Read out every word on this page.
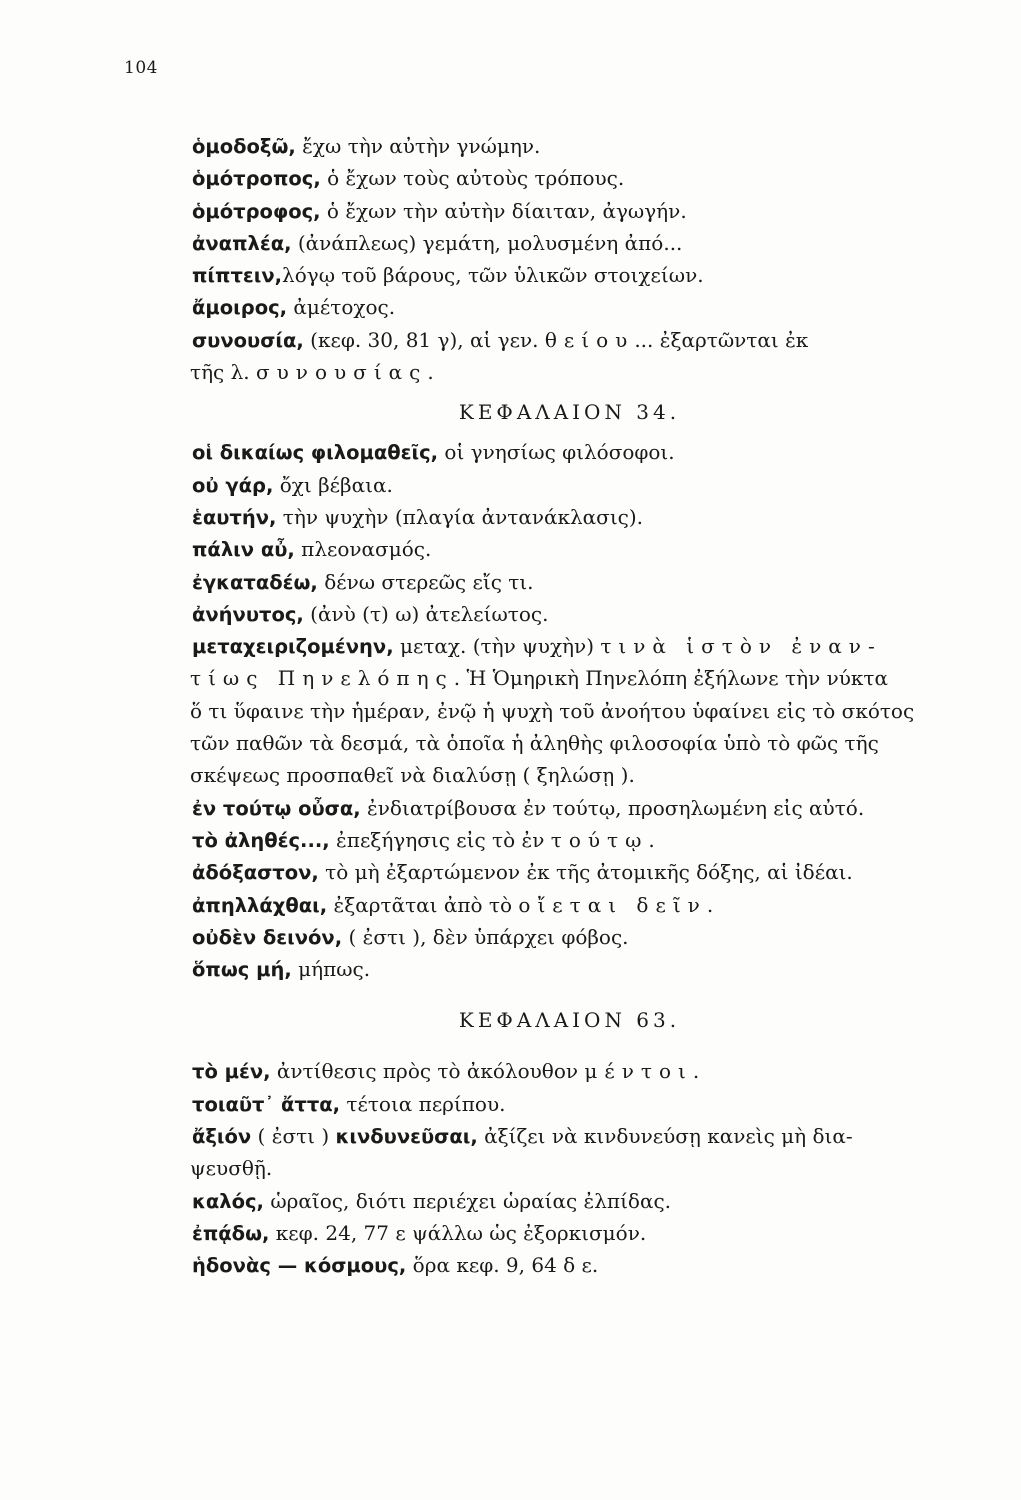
104
ὁμοδοξῶ, ἔχω τὴν αὐτὴν γνώμην.
ὁμότροπος, ὁ ἔχων τοὺς αὐτοὺς τρόπους.
ὁμότροφος, ὁ ἔχων τὴν αὐτὴν δίαιταν, ἀγωγήν.
ἀναπλέα, (ἀνάπλεως) γεμάτη, μολυσμένη ἀπό...
πίπτειν,λόγῳ τοῦ βάρους, τῶν ὑλικῶν στοιχείων.
ἄμοιρος, ἀμέτοχος.
συνουσία, (κεφ. 30, 81 γ), αἱ γεν. θείου... ἐξαρτῶνται ἐκ
τῆς λ. συνουσίας.
ΚΕΦΑΛΑΙΟΝ 34.
οἱ δικαίως φιλομαθεῖς, οἱ γνησίως φιλόσοφοι.
οὐ γάρ, ὄχι βέβαια.
ἑαυτήν, τὴν ψυχὴν (πλαγία ἀντανάκλασις).
πάλιν αὖ, πλεονασμός.
ἐγκαταδέω, δένω στερεῶς εἴς τι.
ἀνήνυτος, (ἀνὺ (τ) ω) ἀτελείωτος.
μεταχειριζομένην, μεταχ. (τὴν ψυχὴν) τινὰ ἱστὸν ἐναν-
τίως Πηνελόπης. Ἡ Ὁμηρικὴ Πηνελόπη ἐξήλωνε τὴν νύκτα
ὅ τι ὕφαινε τὴν ἡμέραν, ἐνῷ ἡ ψυχὴ τοῦ ἀνοήτου ὑφαίνει εἰς τὸ σκότος
τῶν παθῶν τὰ δεσμά, τὰ ὁποῖα ἡ ἀληθὴς φιλοσοφία ὑπὸ τὸ φῶς τῆς
σκέψεως προσπαθεῖ νὰ διαλύσῃ ( ξηλώσῃ ).
ἐν τούτῳ οὖσα, ἐνδιατρίβουσα ἐν τούτῳ, προσηλωμένη εἰς αὐτό.
τὸ ἀληθές..., ἐπεξήγησις εἰς τὸ ἐν τούτῳ.
ἀδόξαστον, τὸ μὴ ἐξαρτώμενον ἐκ τῆς ἀτομικῆς δόξης, αἱ ἰδέαι.
ἀπηλλάχθαι, ἐξαρτᾶται ἀπὸ τὸ οἴεται δεῖν.
οὐδὲν δεινόν, ( ἐστι ), δὲν ὑπάρχει φόβος.
ὅπως μή, μήπως.
ΚΕΦΑΛΑΙΟΝ 63.
τὸ μέν, ἀντίθεσις πρὸς τὸ ἀκόλουθον μέντοι.
τοιαῦτ᾿ ἄττα, τέτοια περίπου.
ἄξιόν ( ἐστι ) κινδυνεῦσαι, ἀξίζει νὰ κινδυνεύσῃ κανεὶς μὴ δια-
ψευσθῇ.
καλός, ὡραῖος, διότι περιέχει ὡραίας ἐλπίδας.
ἐπᾴδω, κεφ. 24, 77 ε ψάλλω ὡς ἐξορκισμόν.
ἡδονὰς — κόσμους, ὅρα κεφ. 9, 64 δ ε.
